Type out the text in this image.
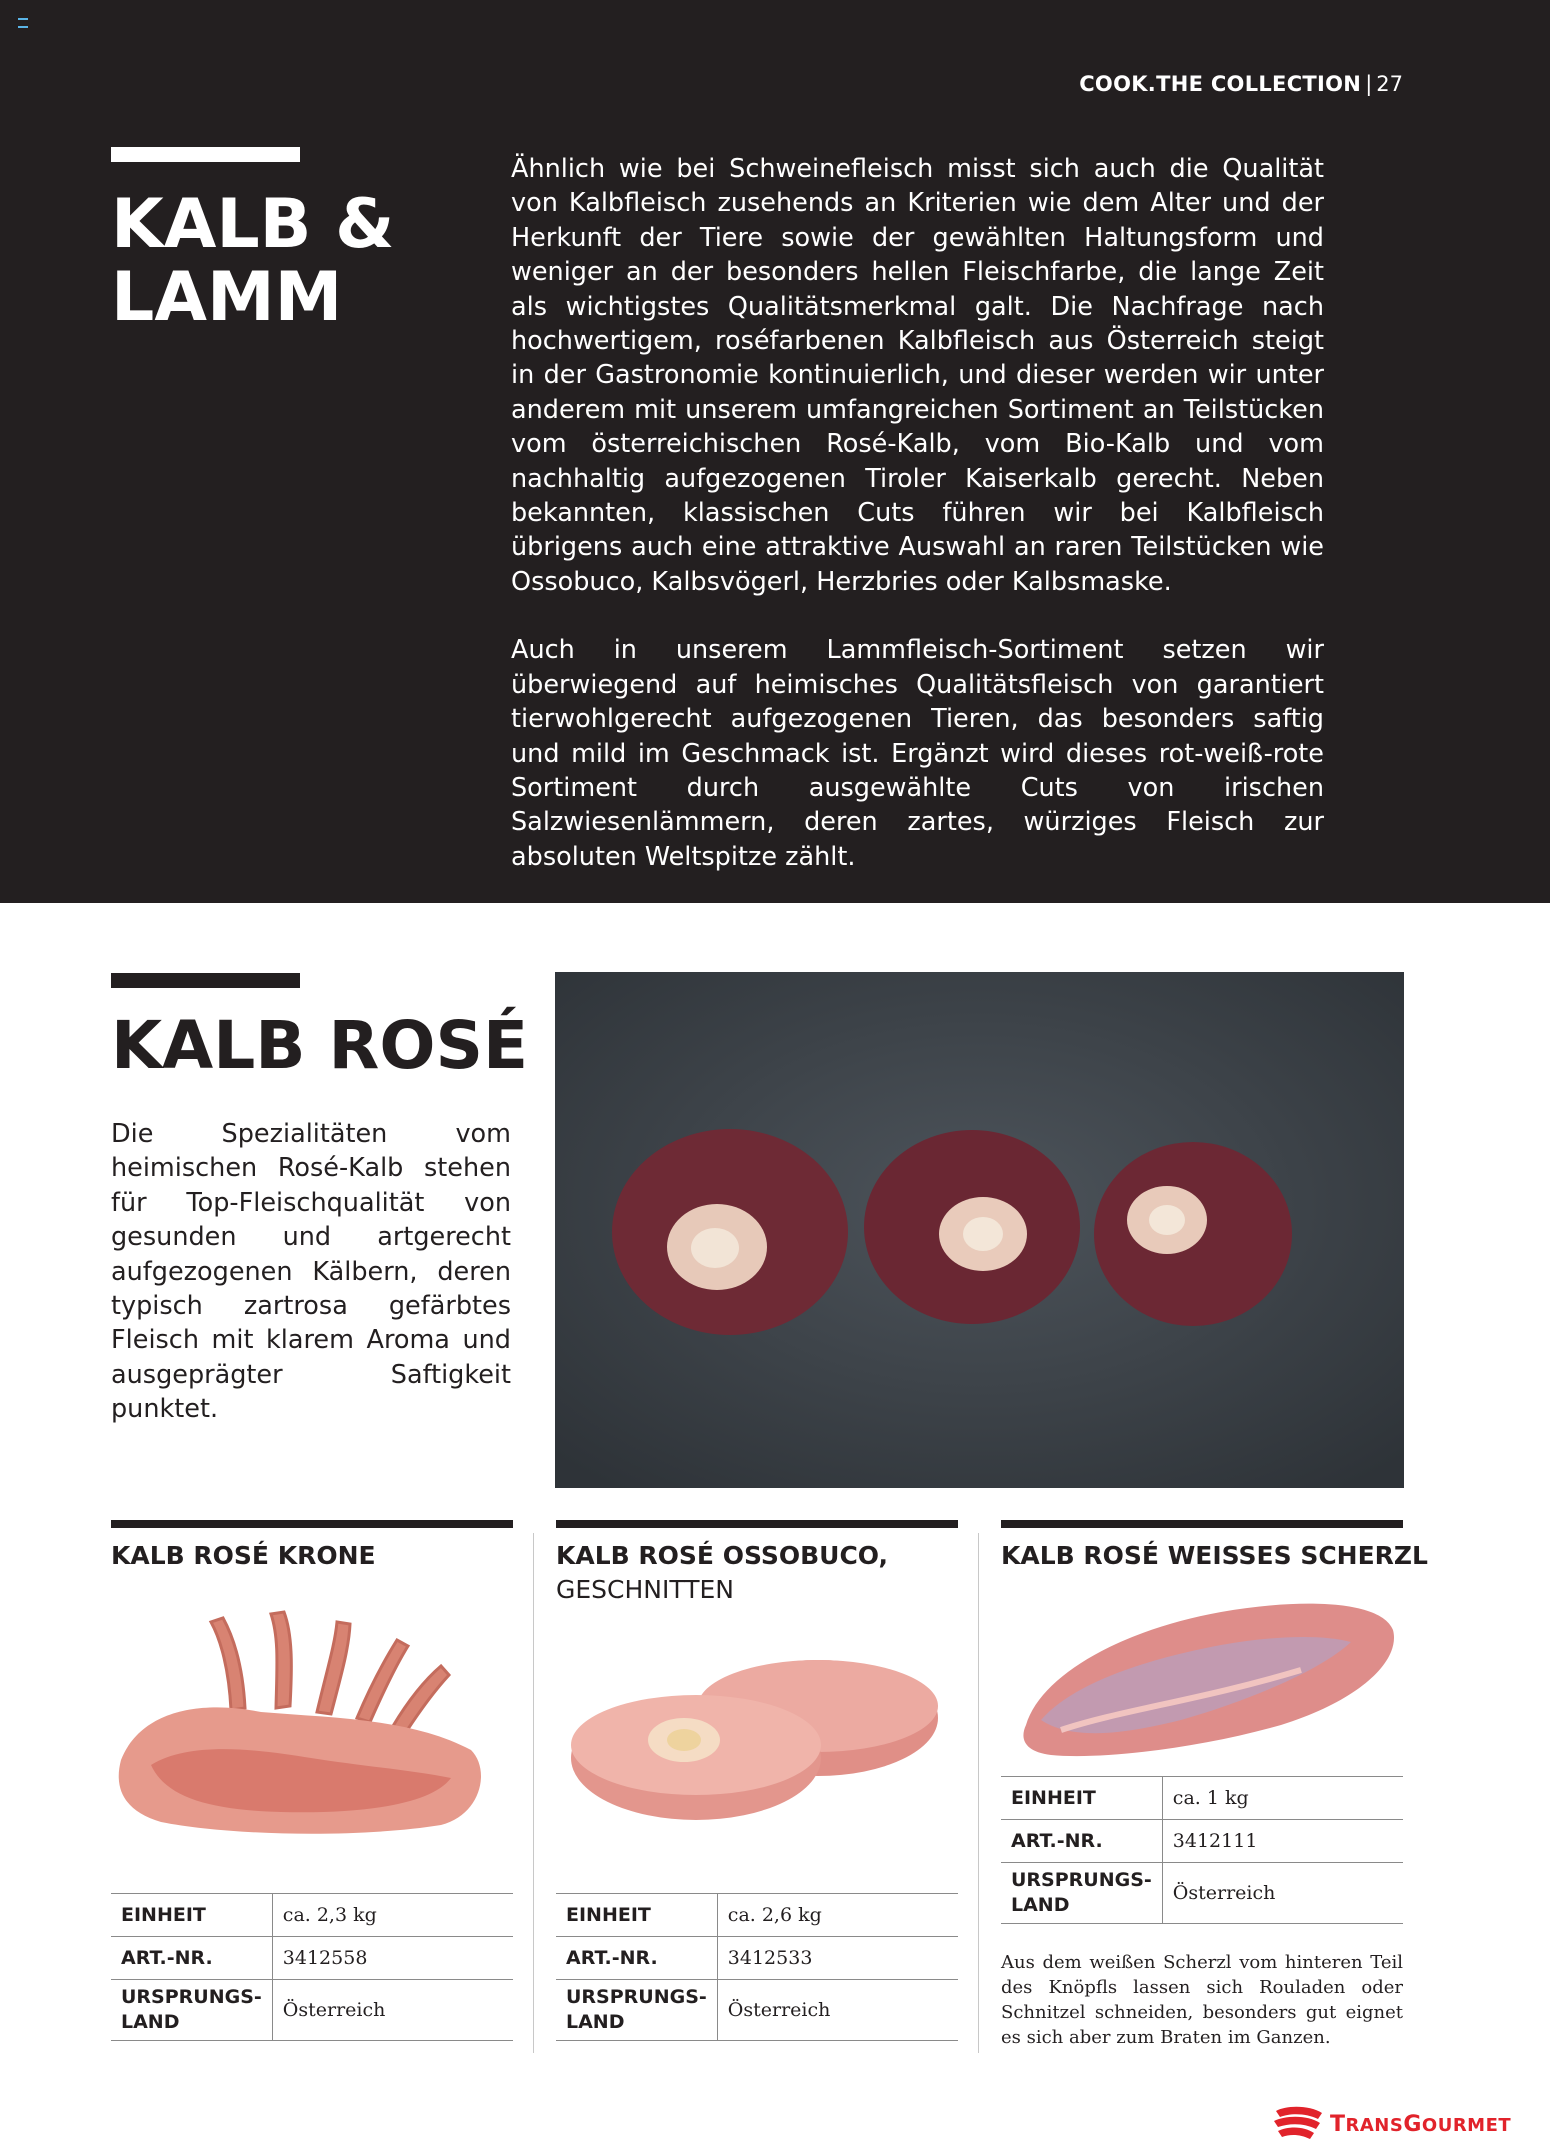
COOK.THE COLLECTION | 27
KALB &
LAMM

Ähnlich wie bei Schweinefleisch misst sich auch die Qualität von Kalbfleisch zusehends an Kriterien wie dem Alter und der Herkunft der Tiere sowie der gewählten Haltungsform und weniger an der besonders hellen Fleischfarbe, die lange Zeit als wichtigstes Qualitätsmerkmal galt. Die Nachfrage nach hochwertigem, roséfarbenen Kalbfleisch aus Österreich steigt in der Gastronomie kontinuierlich, und dieser werden wir unter anderem mit unserem umfangreichen Sortiment an Teilstücken vom österreichischen Rosé-Kalb, vom Bio-Kalb und vom nachhaltig aufgezogenen Tiroler Kaiserkalb gerecht. Neben bekannten, klassischen Cuts führen wir bei Kalbfleisch übrigens auch eine attraktive Auswahl an raren Teilstücken wie Ossobuco, Kalbsvögerl, Herzbries oder Kalbsmaske.

Auch in unserem Lammfleisch-Sortiment setzen wir überwiegend auf heimisches Qualitätsfleisch von garantiert tierwohlgerecht aufgezogenen Tieren, das besonders saftig und mild im Geschmack ist. Ergänzt wird dieses rot-weiß-rote Sortiment durch ausgewählte Cuts von irischen Salzwiesenlämmern, deren zartes, würziges Fleisch zur absoluten Weltspitze zählt.

KALB ROSÉ

Die Spezialitäten vom heimischen Rosé-Kalb stehen für Top-Fleischqualität von gesunden und artgerecht aufgezogenen Kälbern, deren typisch zartrosa gefärbtes Fleisch mit klarem Aroma und ausgeprägter Saftigkeit punktet.

KALB ROSÉ KRONE	KALB ROSÉ OSSOBUCO,
GESCHNITTEN

KALB ROSÉ WEISSES SCHERZL

EINHEIT	ca. 2,3 kg
ART.-NR.	3412558
URSPRUNGS-
LAND	Österreich
EINHEIT	ca. 2,6 kg
ART.-NR.	3412533
URSPRUNGS-
LAND	Österreich
EINHEIT	ca. 1 kg
ART.-NR.	3412111
URSPRUNGS-
LAND	Österreich

Aus dem weißen Scherzl vom hinteren Teil des Knöpfls lassen sich Rouladen oder Schnitzel schneiden, besonders gut eignet es sich aber zum Braten im Ganzen.

TRANSGOURMET
